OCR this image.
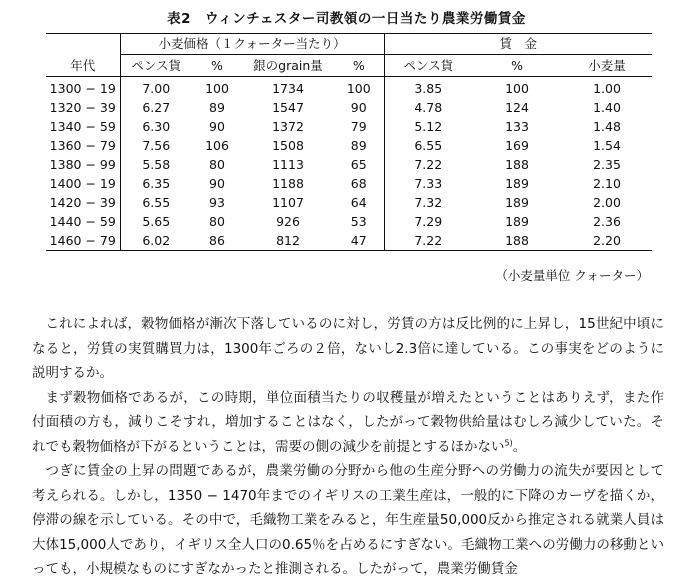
表2　ウィンチェスター司教領の一日当たり農業労働賃金
	小麦価格（１クォーター当たり）				賃　金		
年代	ペンス貨	%	銀のgrain量	%	ペンス貨	%	小麦量
1300 − 19	7.00	100	1734	100	3.85	100	1.00
1320 − 39	6.27	89	1547	90	4.78	124	1.40
1340 − 59	6.30	90	1372	79	5.12	133	1.48
1360 − 79	7.56	106	1508	89	6.55	169	1.54
1380 − 99	5.58	80	1113	65	7.22	188	2.35
1400 − 19	6.35	90	1188	68	7.33	189	2.10
1420 − 39	6.55	93	1107	64	7.32	189	2.00
1440 − 59	5.65	80	926	53	7.29	189	2.36
1460 − 79	6.02	86	812	47	7.22	188	2.20
（小麦量単位 クォーター）

これによれば，穀物価格が漸次下落しているのに対し，労賃の方は反比例的に上昇し，15世紀中頃になると，労賃の実質購買力は，1300年ごろの２倍，ないし2.3倍に達している。この事実をどのように説明するか。

まず穀物価格であるが，この時期，単位面積当たりの収穫量が増えたということはありえず，また作付面積の方も，減りこそすれ，増加することはなく，したがって穀物供給量はむしろ減少していた。それでも穀物価格が下がるということは，需要の側の減少を前提とするほかない$^{5)}$。

つぎに賃金の上昇の問題であるが，農業労働の分野から他の生産分野への労働力の流失が要因として考えられる。しかし，1350 − 1470年までのイギリスの工業生産は，一般的に下降のカーヴを描くか，停滞の線を示している。その中で，毛織物工業をみると，年生産量50,000反から推定される就業人員は大体15,000人であり，イギリス全人口の0.65％を占めるにすぎない。毛織物工業への労働力の移動といっても，小規模なものにすぎなかったと推測される。したがって，農業労働賃金
